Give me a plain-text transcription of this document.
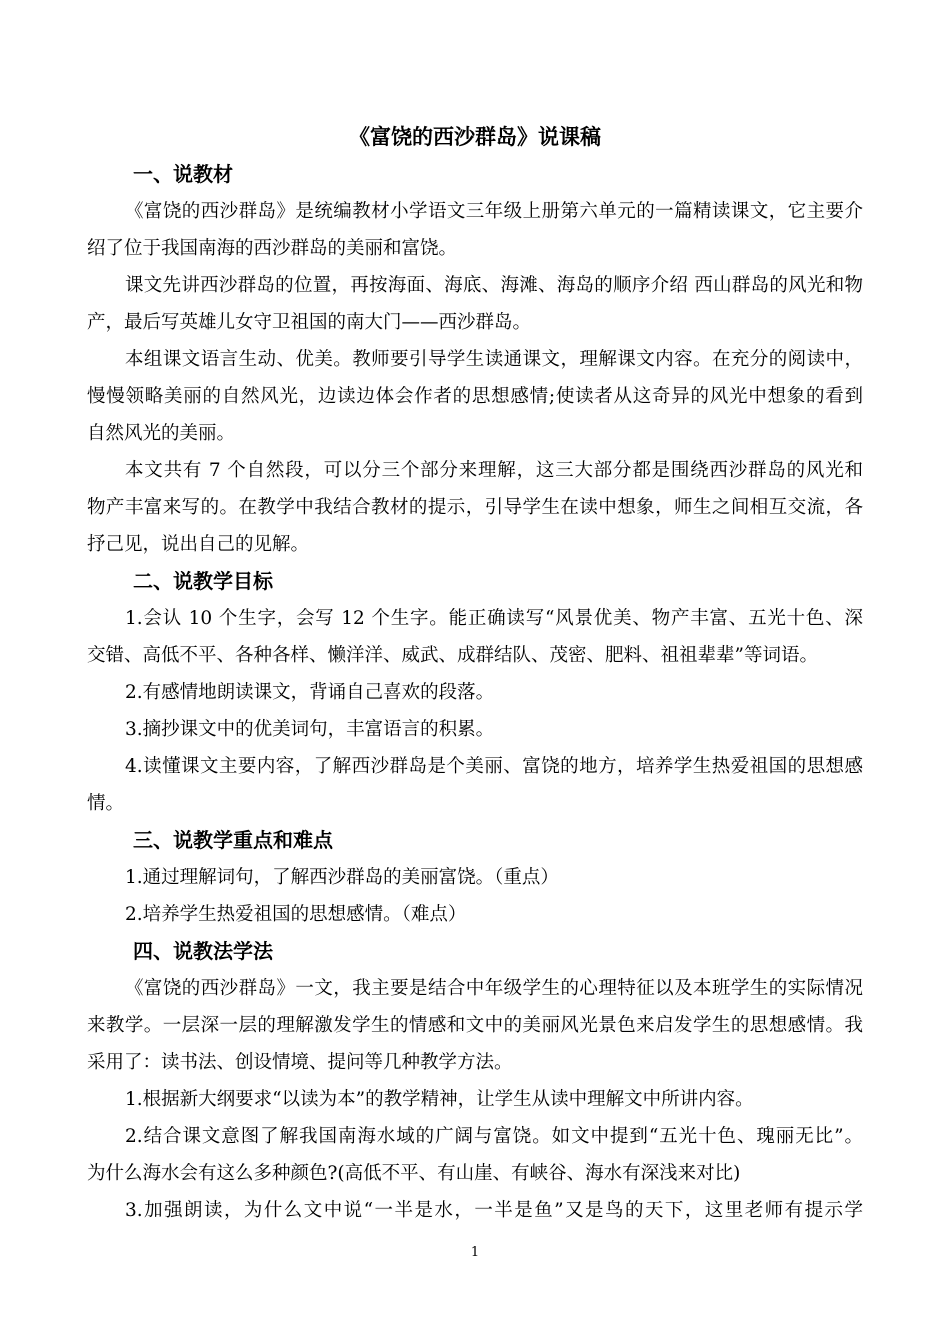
《富饶的西沙群岛》说课稿
一、说教材
《富饶的西沙群岛》是统编教材小学语文三年级上册第六单元的一篇精读课文，它主要介
绍了位于我国南海的西沙群岛的美丽和富饶。
课文先讲西沙群岛的位置，再按海面、海底、海滩、海岛的顺序介绍 西山群岛的风光和物
产，最后写英雄儿女守卫祖国的南大门——西沙群岛。
本组课文语言生动、优美。教师要引导学生读通课文，理解课文内容。在充分的阅读中，
慢慢领略美丽的自然风光，边读边体会作者的思想感情;使读者从这奇异的风光中想象的看到
自然风光的美丽。
本文共有 7 个自然段，可以分三个部分来理解，这三大部分都是围绕西沙群岛的风光和
物产丰富来写的。在教学中我结合教材的提示，引导学生在读中想象，师生之间相互交流，各
抒己见，说出自己的见解。
二、说教学目标
1.会认 10 个生字，会写 12 个生字。能正确读写“风景优美、物产丰富、五光十色、深
交错、高低不平、各种各样、懒洋洋、威武、成群结队、茂密、肥料、祖祖辈辈”等词语。
2.有感情地朗读课文，背诵自己喜欢的段落。
3.摘抄课文中的优美词句，丰富语言的积累。
4.读懂课文主要内容，了解西沙群岛是个美丽、富饶的地方，培养学生热爱祖国的思想感
情。
三、说教学重点和难点
1.通过理解词句，了解西沙群岛的美丽富饶。（重点）
2.培养学生热爱祖国的思想感情。（难点）
四、说教法学法
《富饶的西沙群岛》一文，我主要是结合中年级学生的心理特征以及本班学生的实际情况
来教学。一层深一层的理解激发学生的情感和文中的美丽风光景色来启发学生的思想感情。我
采用了：读书法、创设情境、提问等几种教学方法。
1.根据新大纲要求“以读为本”的教学精神，让学生从读中理解文中所讲内容。
2.结合课文意图了解我国南海水域的广阔与富饶。如文中提到“五光十色、瑰丽无比”。
为什么海水会有这么多种颜色?(高低不平、有山崖、有峡谷、海水有深浅来对比)
3.加强朗读，为什么文中说“一半是水，一半是鱼”又是鸟的天下，这里老师有提示学
1
